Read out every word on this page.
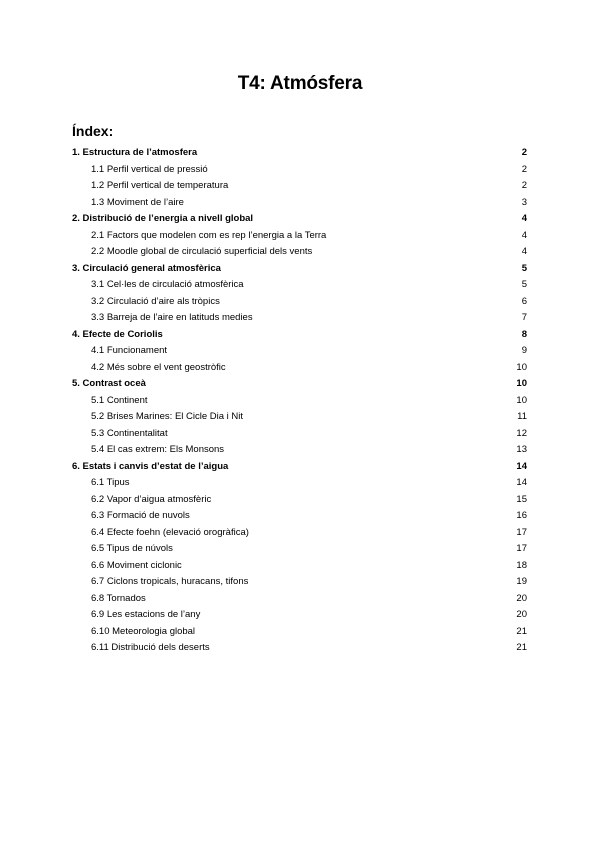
T4: Atmósfera
Índex:
1. Estructura de l’atmosfera	2
1.1 Perfil vertical de pressió	2
1.2 Perfil vertical de temperatura	2
1.3 Moviment de l’aire	3
2. Distribució de l’energia a nivell global	4
2.1 Factors que modelen com es rep l’energia a la Terra	4
2.2 Moodle global de circulació superficial dels vents	4
3. Circulació general atmosfèrica	5
3.1 Cel·les de circulació atmosfèrica	5
3.2 Circulació d’aire als tròpics	6
3.3 Barreja de l’aire en latituds medies	7
4. Efecte de Coriolis	8
4.1 Funcionament	9
4.2 Més sobre el vent geostròfic	10
5. Contrast oceà	10
5.1 Continent	10
5.2 Brises Marines: El Cicle Dia i Nit	11
5.3 Continentalitat	12
5.4 El cas extrem: Els Monsons	13
6. Estats i canvis d’estat de l’aigua	14
6.1 Tipus	14
6.2 Vapor d’aigua atmosfèric	15
6.3 Formació de nuvols	16
6.4 Efecte foehn (elevació orogràfica)	17
6.5 Tipus de núvols	17
6.6 Moviment ciclonic	18
6.7 Ciclons tropicals, huracans, tifons	19
6.8 Tornados	20
6.9 Les estacions de l’any	20
6.10 Meteorologia global	21
6.11 Distribució dels deserts	21
